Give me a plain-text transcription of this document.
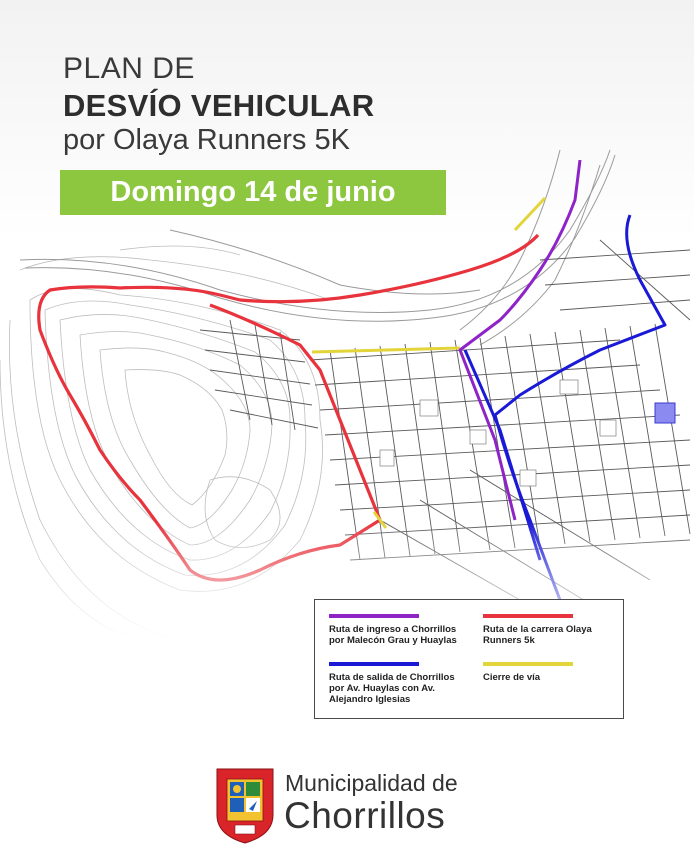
PLAN DE
DESVÍO VEHICULAR
por Olaya Runners 5K
Domingo 14 de junio
Ruta de ingreso a Chorrillos por Malecón Grau y Huaylas
Ruta de la carrera Olaya Runners 5k
Ruta de salida de Chorrillos por Av. Huaylas con Av. Alejandro Iglesias
Cierre de vía
Municipalidad de
Chorrillos
